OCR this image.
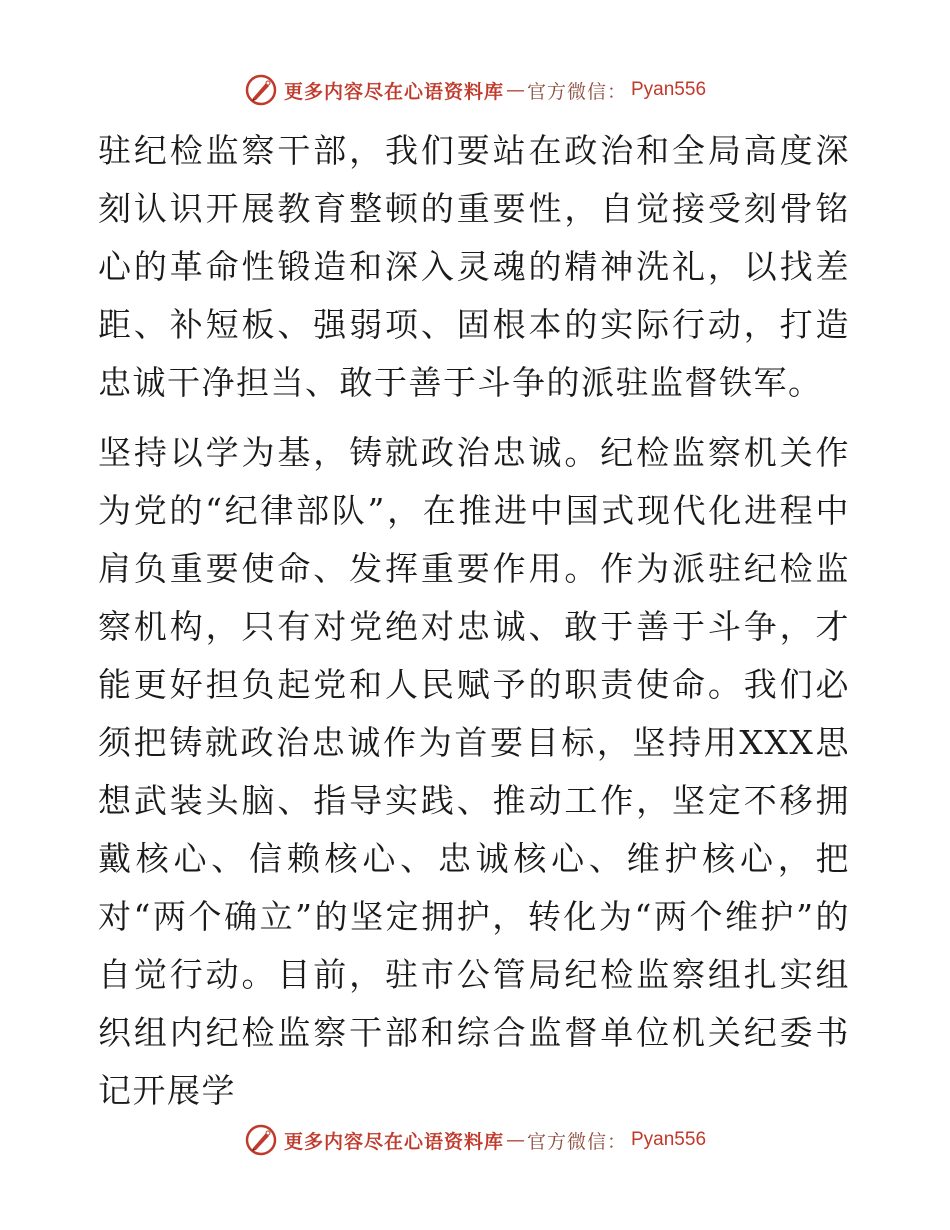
更多内容尽在心语资料库 — 官方微信： Pyan556

驻纪检监察干部，我们要站在政治和全局高度深刻认识开展教育整顿的重要性，自觉接受刻骨铭心的革命性锻造和深入灵魂的精神洗礼，以找差距、补短板、强弱项、固根本的实际行动，打造忠诚干净担当、敢于善于斗争的派驻监督铁军。

坚持以学为基，铸就政治忠诚。纪检监察机关作为党的“纪律部队”，在推进中国式现代化进程中肩负重要使命、发挥重要作用。作为派驻纪检监察机构，只有对党绝对忠诚、敢于善于斗争，才能更好担负起党和人民赋予的职责使命。我们必须把铸就政治忠诚作为首要目标，坚持用XXX思想武装头脑、指导实践、推动工作，坚定不移拥戴核心、信赖核心、忠诚核心、维护核心，把对“两个确立”的坚定拥护，转化为“两个维护”的自觉行动。目前，驻市公管局纪检监察组扎实组织组内纪检监察干部和综合监督单位机关纪委书记开展学

更多内容尽在心语资料库 — 官方微信： Pyan556
